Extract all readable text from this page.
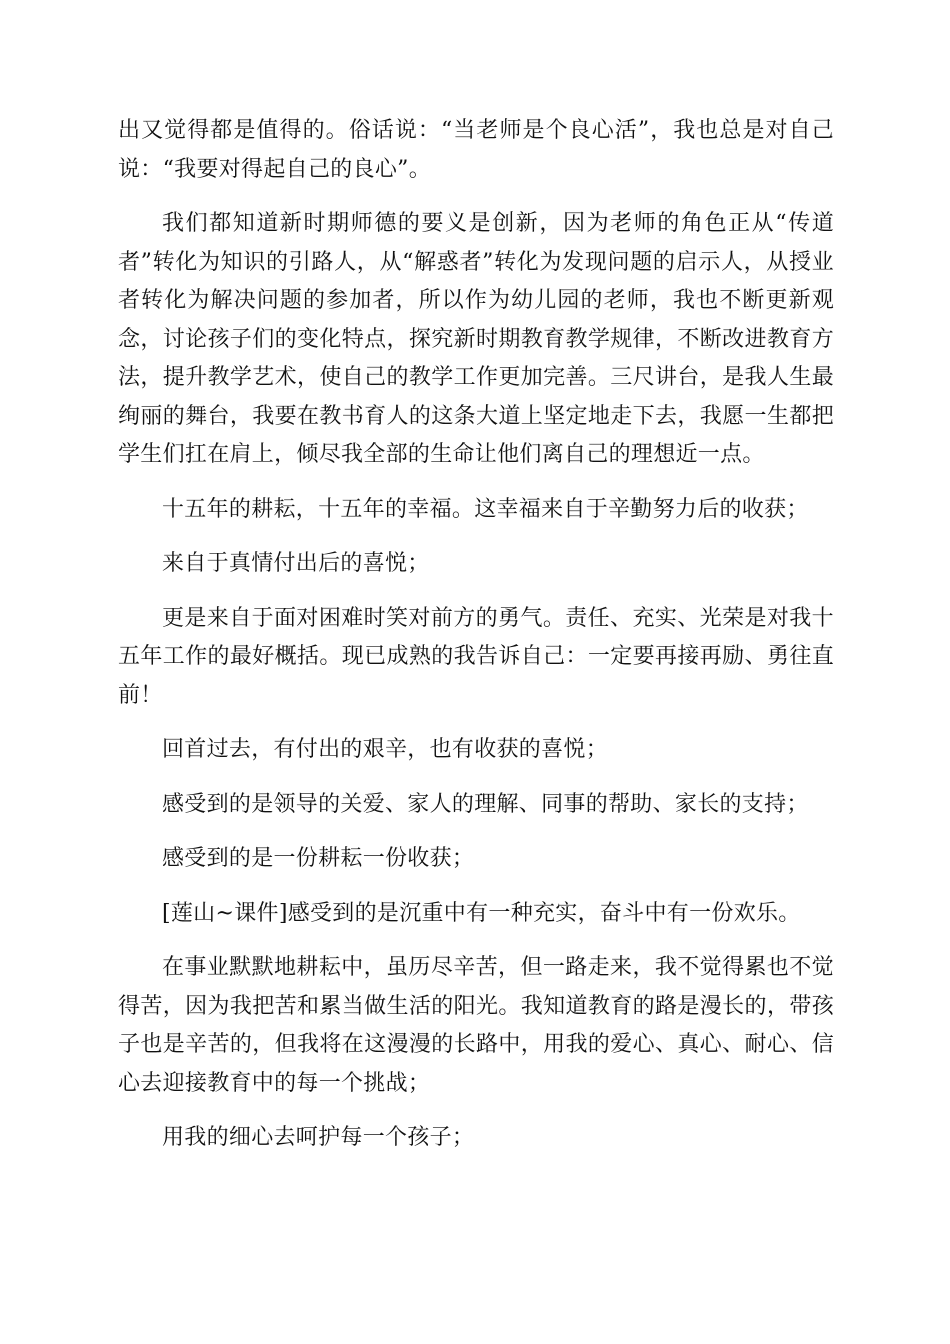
出又觉得都是值得的。俗话说：“当老师是个良心活”，我也总是对自己说：“我要对得起自己的良心”。

我们都知道新时期师德的要义是创新，因为老师的角色正从“传道者”转化为知识的引路人，从“解惑者”转化为发现问题的启示人，从授业者转化为解决问题的参加者，所以作为幼儿园的老师，我也不断更新观念，讨论孩子们的变化特点，探究新时期教育教学规律，不断改进教育方法，提升教学艺术，使自己的教学工作更加完善。三尺讲台，是我人生最绚丽的舞台，我要在教书育人的这条大道上坚定地走下去，我愿一生都把学生们扛在肩上，倾尽我全部的生命让他们离自己的理想近一点。

十五年的耕耘，十五年的幸福。这幸福来自于辛勤努力后的收获；

来自于真情付出后的喜悦；

更是来自于面对困难时笑对前方的勇气。责任、充实、光荣是对我十五年工作的最好概括。现已成熟的我告诉自己：一定要再接再励、勇往直前！

回首过去，有付出的艰辛，也有收获的喜悦；

感受到的是领导的关爱、家人的理解、同事的帮助、家长的支持；

感受到的是一份耕耘一份收获；

[莲山~课件]感受到的是沉重中有一种充实，奋斗中有一份欢乐。

在事业默默地耕耘中，虽历尽辛苦，但一路走来，我不觉得累也不觉得苦，因为我把苦和累当做生活的阳光。我知道教育的路是漫长的，带孩子也是辛苦的，但我将在这漫漫的长路中，用我的爱心、真心、耐心、信心去迎接教育中的每一个挑战；

用我的细心去呵护每一个孩子；
